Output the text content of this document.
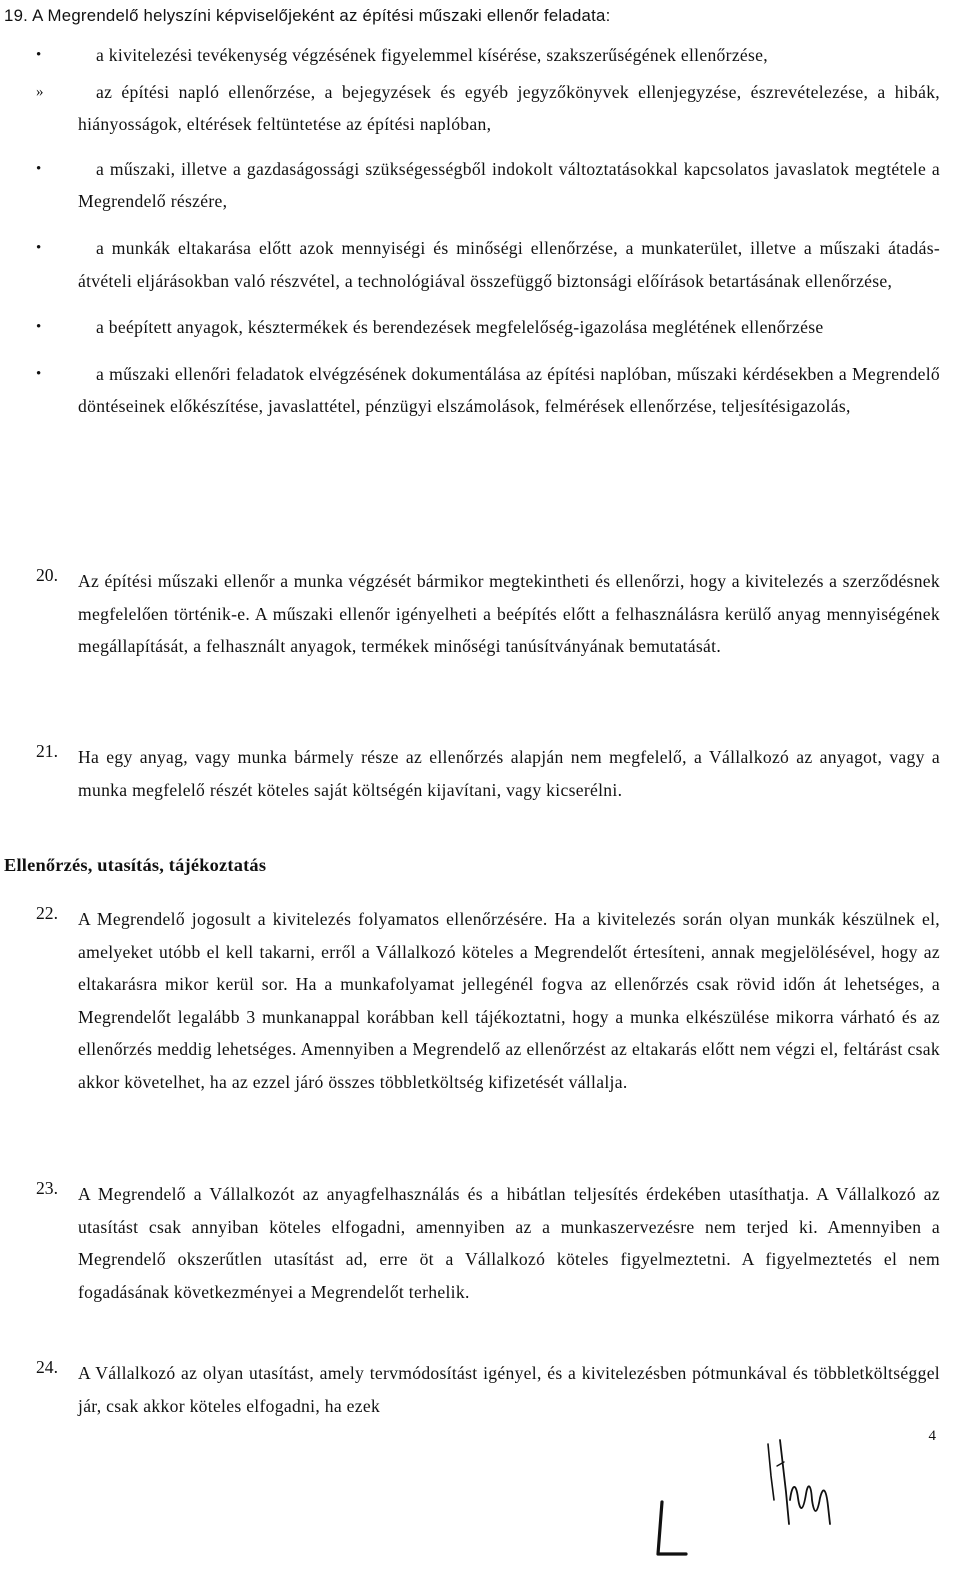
19. A Megrendelő helyszíni képviselőjeként az építési műszaki ellenőr feladata:
•	a kivitelezési tevékenység végzésének figyelemmel kísérése, szakszerűségének ellenőrzése,
»	az építési napló ellenőrzése, a bejegyzések és egyéb jegyzőkönyvek ellenjegyzése, észrevételezése, a hibák, hiányosságok, eltérések feltüntetése az építési naplóban,
•	a műszaki, illetve a gazdaságossági szükségességből indokolt változtatásokkal kapcsolatos javaslatok megtétele a Megrendelő részére,
•	a munkák eltakarása előtt azok mennyiségi és minőségi ellenőrzése, a munkaterület, illetve a műszaki átadás-átvételi eljárásokban való részvétel, a technológiával összefüggő biztonsági előírások betartásának ellenőrzése,
•	a beépített anyagok, késztermékek és berendezések megfelelőség-igazolása meglétének ellenőrzése
•	a műszaki ellenőri feladatok elvégzésének dokumentálása az építési naplóban, műszaki kérdésekben a Megrendelő döntéseinek előkészítése, javaslattétel, pénzügyi elszámolások, felmérések ellenőrzése, teljesítésigazolás,
20. Az építési műszaki ellenőr a munka végzését bármikor megtekintheti és ellenőrzi, hogy a kivitelezés a szerződésnek megfelelően történik-e. A műszaki ellenőr igényelheti a beépítés előtt a felhasználásra kerülő anyag mennyiségének megállapítását, a felhasznált anyagok, termékek minőségi tanúsítványának bemutatását.
21. Ha egy anyag, vagy munka bármely része az ellenőrzés alapján nem megfelelő, a Vállalkozó az anyagot, vagy a munka megfelelő részét köteles saját költségén kijavítani, vagy kicserélni.
Ellenőrzés, utasítás, tájékoztatás
22. A Megrendelő jogosult a kivitelezés folyamatos ellenőrzésére. Ha a kivitelezés során olyan munkák készülnek el, amelyeket utóbb el kell takarni, erről a Vállalkozó köteles a Megrendelőt értesíteni, annak megjelölésével, hogy az eltakarásra mikor kerül sor. Ha a munkafolyamat jellegénél fogva az ellenőrzés csak rövid időn át lehetséges, a Megrendelőt legalább 3 munkanappal korábban kell tájékoztatni, hogy a munka elkészülése mikorra várható és az ellenőrzés meddig lehetséges. Amennyiben a Megrendelő az ellenőrzést az eltakarás előtt nem végzi el, feltárást csak akkor követelhet, ha az ezzel járó összes többletköltség kifizetését vállalja.
23. A Megrendelő a Vállalkozót az anyagfelhasználás és a hibátlan teljesítés érdekében utasíthatja. A Vállalkozó az utasítást csak annyiban köteles elfogadni, amennyiben az a munkaszervezésre nem terjed ki. Amennyiben a Megrendelő okszerűtlen utasítást ad, erre öt a Vállalkozó köteles figyelmeztetni. A figyelmeztetés el nem fogadásának következményei a Megrendelőt terhelik.
24. A Vállalkozó az olyan utasítást, amely tervmódosítást igényel, és a kivitelezésben pótmunkával és többletköltséggel jár, csak akkor köteles elfogadni, ha ezek
4
